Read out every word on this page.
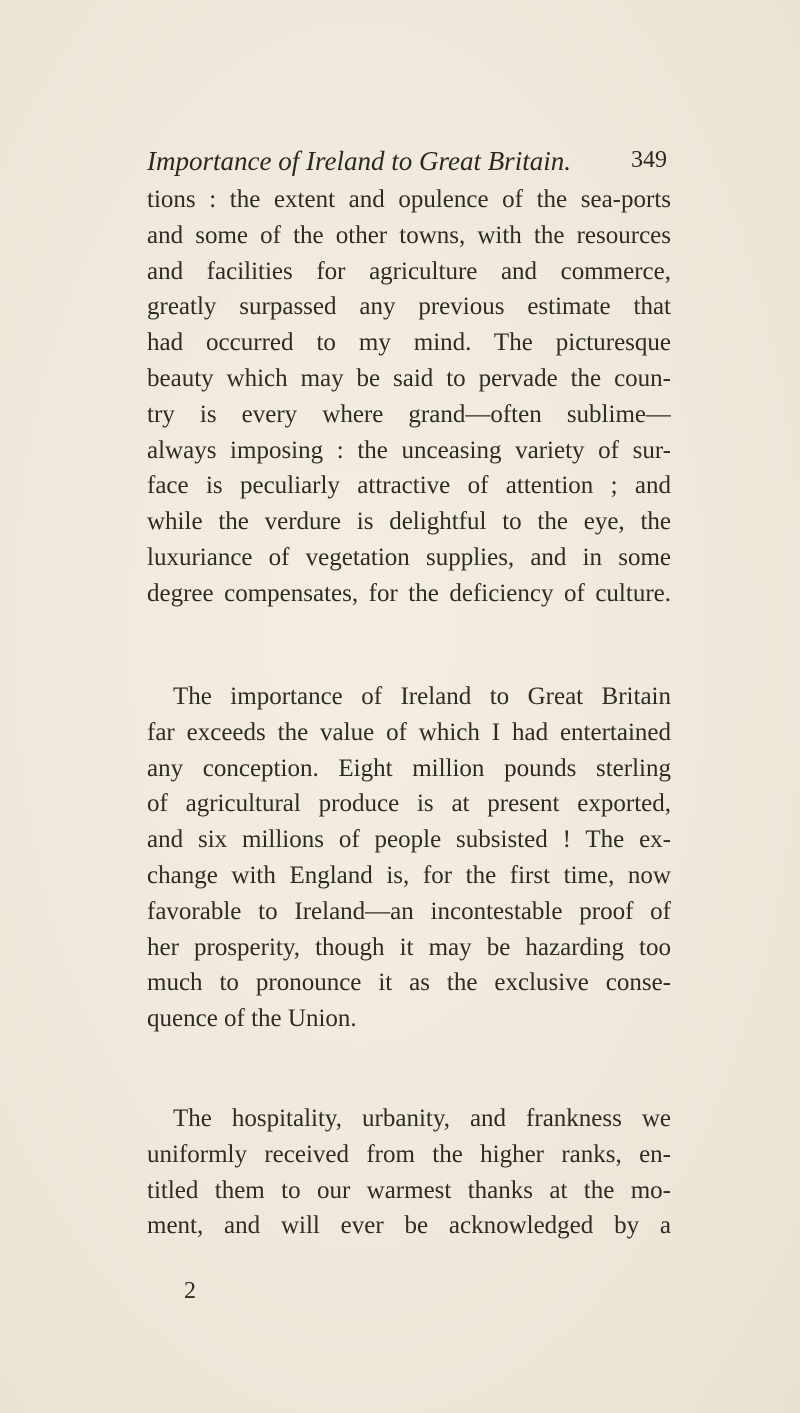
Importance of Ireland to Great Britain.	349
tions : the extent and opulence of the sea-ports
and some of the other towns, with the resources
and facilities for agriculture and commerce,
greatly surpassed any previous estimate that
had occurred to my mind. The picturesque
beauty which may be said to pervade the coun-
try is every where grand—often sublime—
always imposing : the unceasing variety of sur-
face is peculiarly attractive of attention ; and
while the verdure is delightful to the eye, the
luxuriance of vegetation supplies, and in some
degree compensates, for the deficiency of culture.
The importance of Ireland to Great Britain
far exceeds the value of which I had entertained
any conception. Eight million pounds sterling
of agricultural produce is at present exported,
and six millions of people subsisted ! The ex-
change with England is, for the first time, now
favorable to Ireland—an incontestable proof of
her prosperity, though it may be hazarding too
much to pronounce it as the exclusive conse-
quence of the Union.
The hospitality, urbanity, and frankness we
uniformly received from the higher ranks, en-
titled them to our warmest thanks at the mo-
ment, and will ever be acknowledged by a
2
